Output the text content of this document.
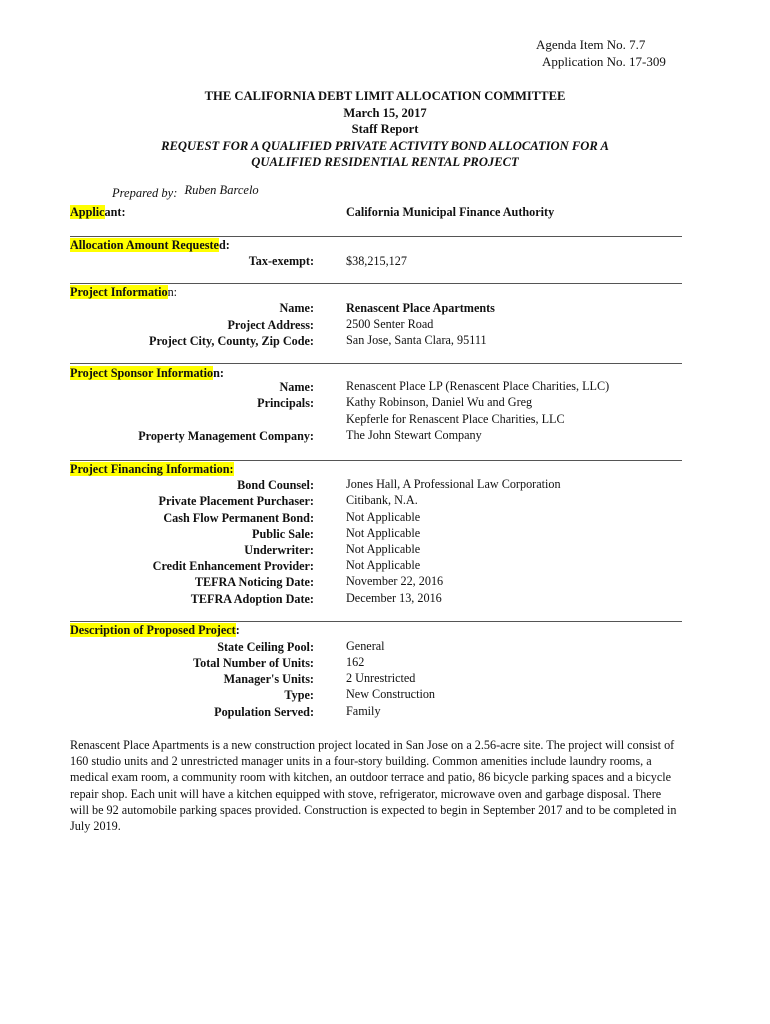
Agenda Item No. 7.7
Application No. 17-309
THE CALIFORNIA DEBT LIMIT ALLOCATION COMMITTEE
March 15, 2017
Staff Report
REQUEST FOR A QUALIFIED PRIVATE ACTIVITY BOND ALLOCATION FOR A
QUALIFIED RESIDENTIAL RENTAL PROJECT
Prepared by: Ruben Barcelo
Applicant:	California Municipal Finance Authority
Allocation Amount Requested:
Tax-exempt:	$38,215,127
Project Information:
Name:	Renascent Place Apartments
Project Address:	2500 Senter Road
Project City, County, Zip Code:	San Jose, Santa Clara, 95111
Project Sponsor Information:
Name:	Renascent Place LP (Renascent Place Charities, LLC)
Principals:	Kathy Robinson, Daniel Wu and Greg
Kepferle for Renascent Place Charities, LLC
Property Management Company:	The John Stewart Company
Project Financing Information:
Bond Counsel:	Jones Hall, A Professional Law Corporation
Private Placement Purchaser:	Citibank, N.A.
Cash Flow Permanent Bond:	Not Applicable
Public Sale:	Not Applicable
Underwriter:	Not Applicable
Credit Enhancement Provider:	Not Applicable
TEFRA Noticing Date:	November 22, 2016
TEFRA Adoption Date:	December 13, 2016
Description of Proposed Project:
State Ceiling Pool:	General
Total Number of Units:	162
Manager's Units:	2 Unrestricted
Type:	New Construction
Population Served:	Family
Renascent Place Apartments is a new construction project located in San Jose on a 2.56-acre site. The project will consist of 160 studio units and 2 unrestricted manager units in a four-story building. Common amenities include laundry rooms, a medical exam room, a community room with kitchen, an outdoor terrace and patio, 86 bicycle parking spaces and a bicycle repair shop. Each unit will have a kitchen equipped with stove, refrigerator, microwave oven and garbage disposal. There will be 92 automobile parking spaces provided. Construction is expected to begin in September 2017 and to be completed in July 2019.
